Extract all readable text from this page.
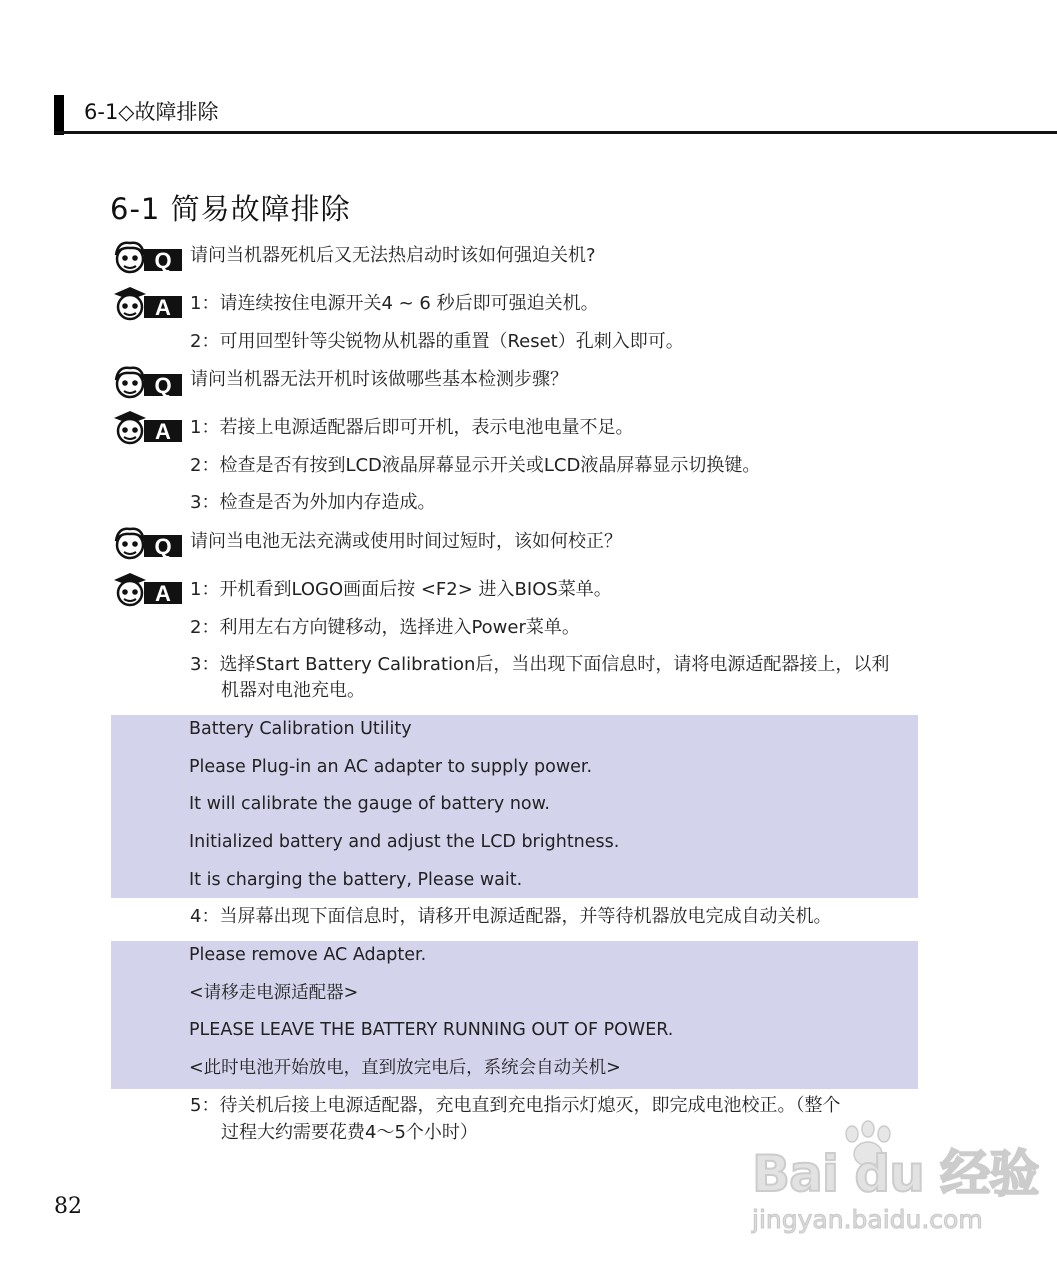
6-1◇故障排除
6-1 简易故障排除
Q 请问当机器死机后又无法热启动时该如何强迫关机?
A 1：请连续按住电源开关4 ~ 6 秒后即可强迫关机。
2：可用回型针等尖锐物从机器的重置（Reset）孔刺入即可。
Q 请问当机器无法开机时该做哪些基本检测步骤？
A 1：若接上电源适配器后即可开机，表示电池电量不足。
2：检查是否有按到LCD液晶屏幕显示开关或LCD液晶屏幕显示切换键。
3：检查是否为外加内存造成。
Q 请问当电池无法充满或使用时间过短时，该如何校正？
A 1：开机看到LOGO画面后按 <F2> 进入BIOS菜单。
2：利用左右方向键移动，选择进入Power菜单。
3：选择Start Battery Calibration后，当出现下面信息时，请将电源适配器接上，以利
机器对电池充电。
Battery Calibration Utility
Please Plug-in an AC adapter to supply power.
It will calibrate the gauge of battery now.
Initialized battery and adjust the LCD brightness.
It is charging the battery, Please wait.
4：当屏幕出现下面信息时，请移开电源适配器，并等待机器放电完成自动关机。
Please remove AC Adapter.
<请移走电源适配器>
PLEASE LEAVE THE BATTERY RUNNING OUT OF POWER.
<此时电池开始放电，直到放完电后，系统会自动关机>
5：待关机后接上电源适配器，充电直到充电指示灯熄灭，即完成电池校正。（整个
过程大约需要花费4～5个小时）
82
Bai du 经验
jingyan.baidu.com
